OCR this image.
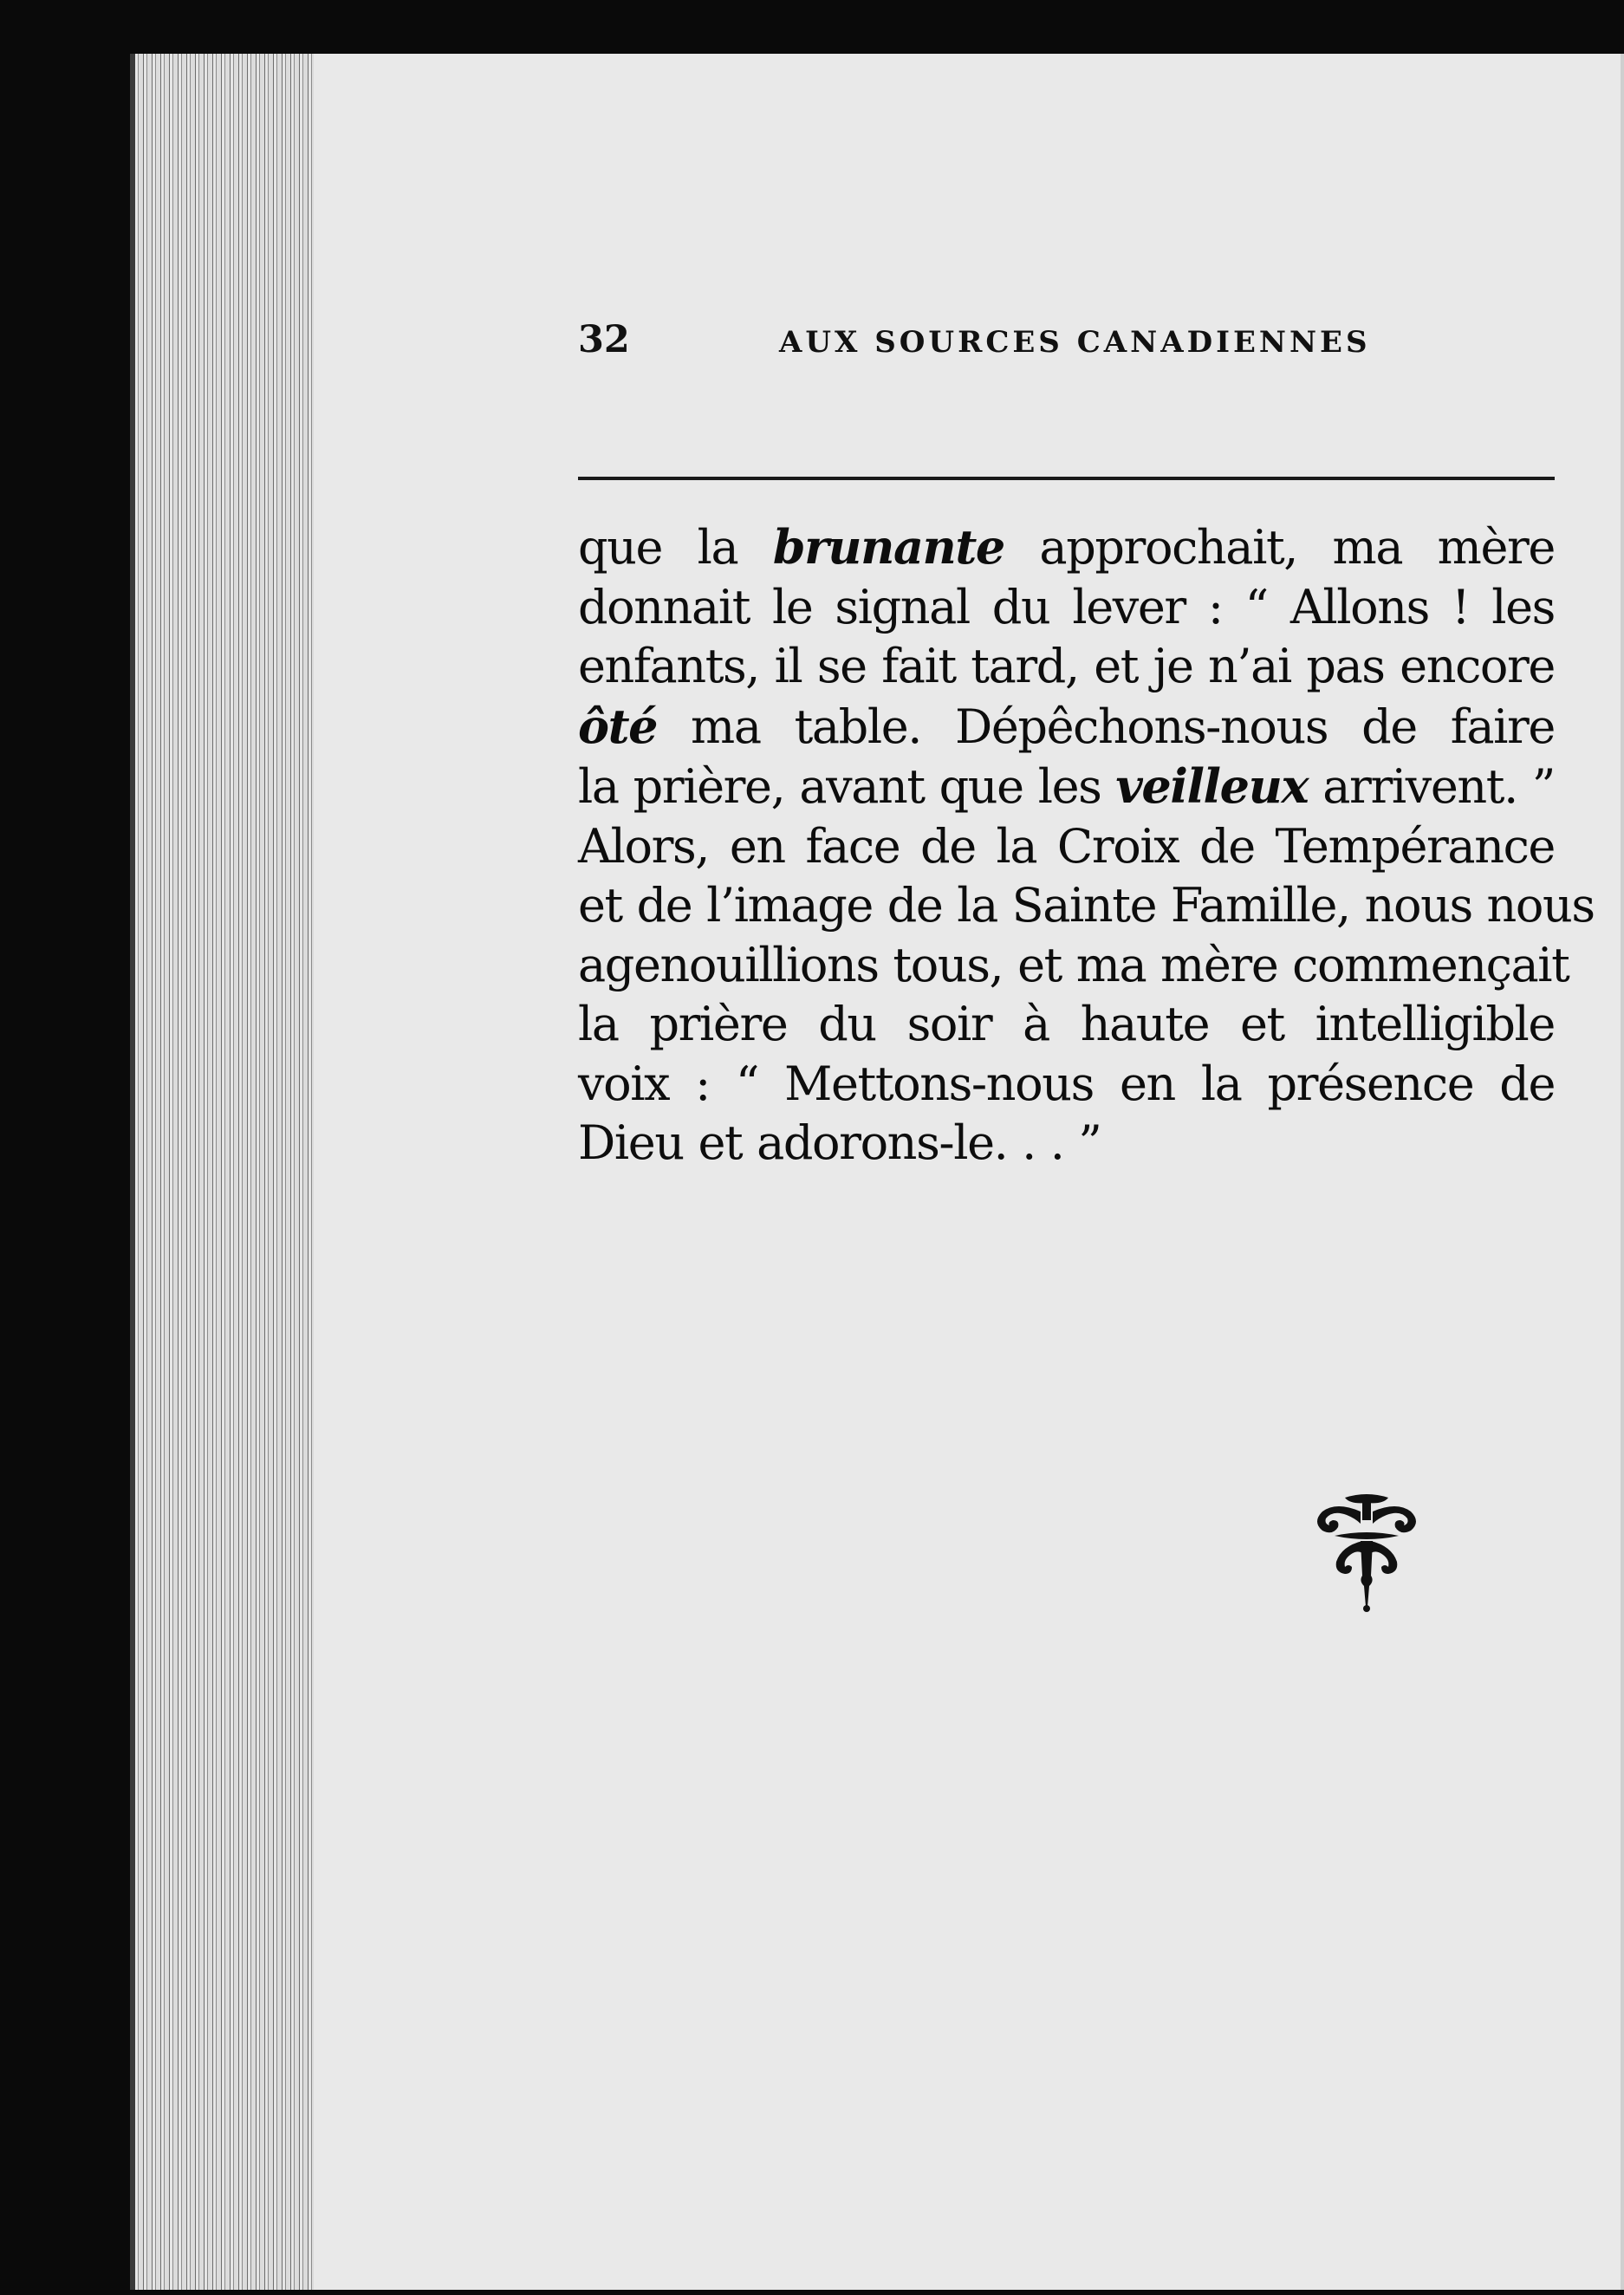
32	AUX SOURCES CANADIENNES

que la brunante approchait, ma mère
donnait le signal du lever : “ Allons ! les
enfants, il se fait tard, et je n’ai pas encore
ôté ma table. Dépêchons-nous de faire
la prière, avant que les veilleux arrivent. ”
Alors, en face de la Croix de Tempérance
et de l’image de la Sainte Famille, nous nous
agenouillions tous, et ma mère commençait
la prière du soir à haute et intelligible
voix : “ Mettons-nous en la présence de
Dieu et adorons-le. . . ”
